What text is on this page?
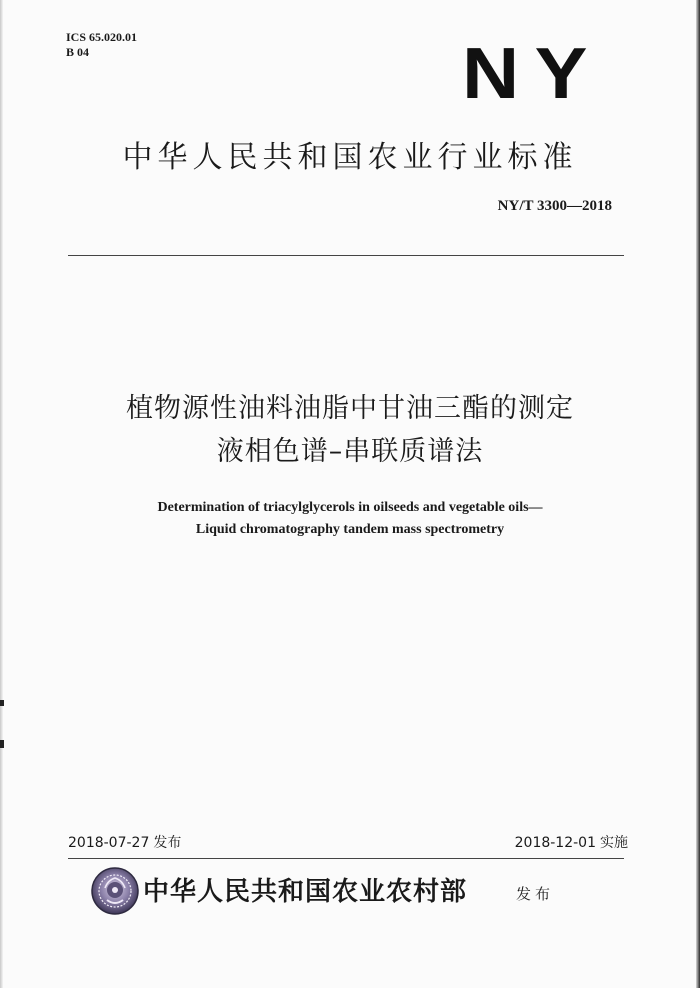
ICS 65.020.01
B 04	NY
中华人民共和国农业行业标准
NY/T 3300—2018
植物源性油料油脂中甘油三酯的测定
液相色谱–串联质谱法
Determination of triacylglycerols in oilseeds and vegetable oils—
Liquid chromatography tandem mass spectrometry
2018-07-27 发布	2018-12-01 实施
中华人民共和国农业农村部	发布
